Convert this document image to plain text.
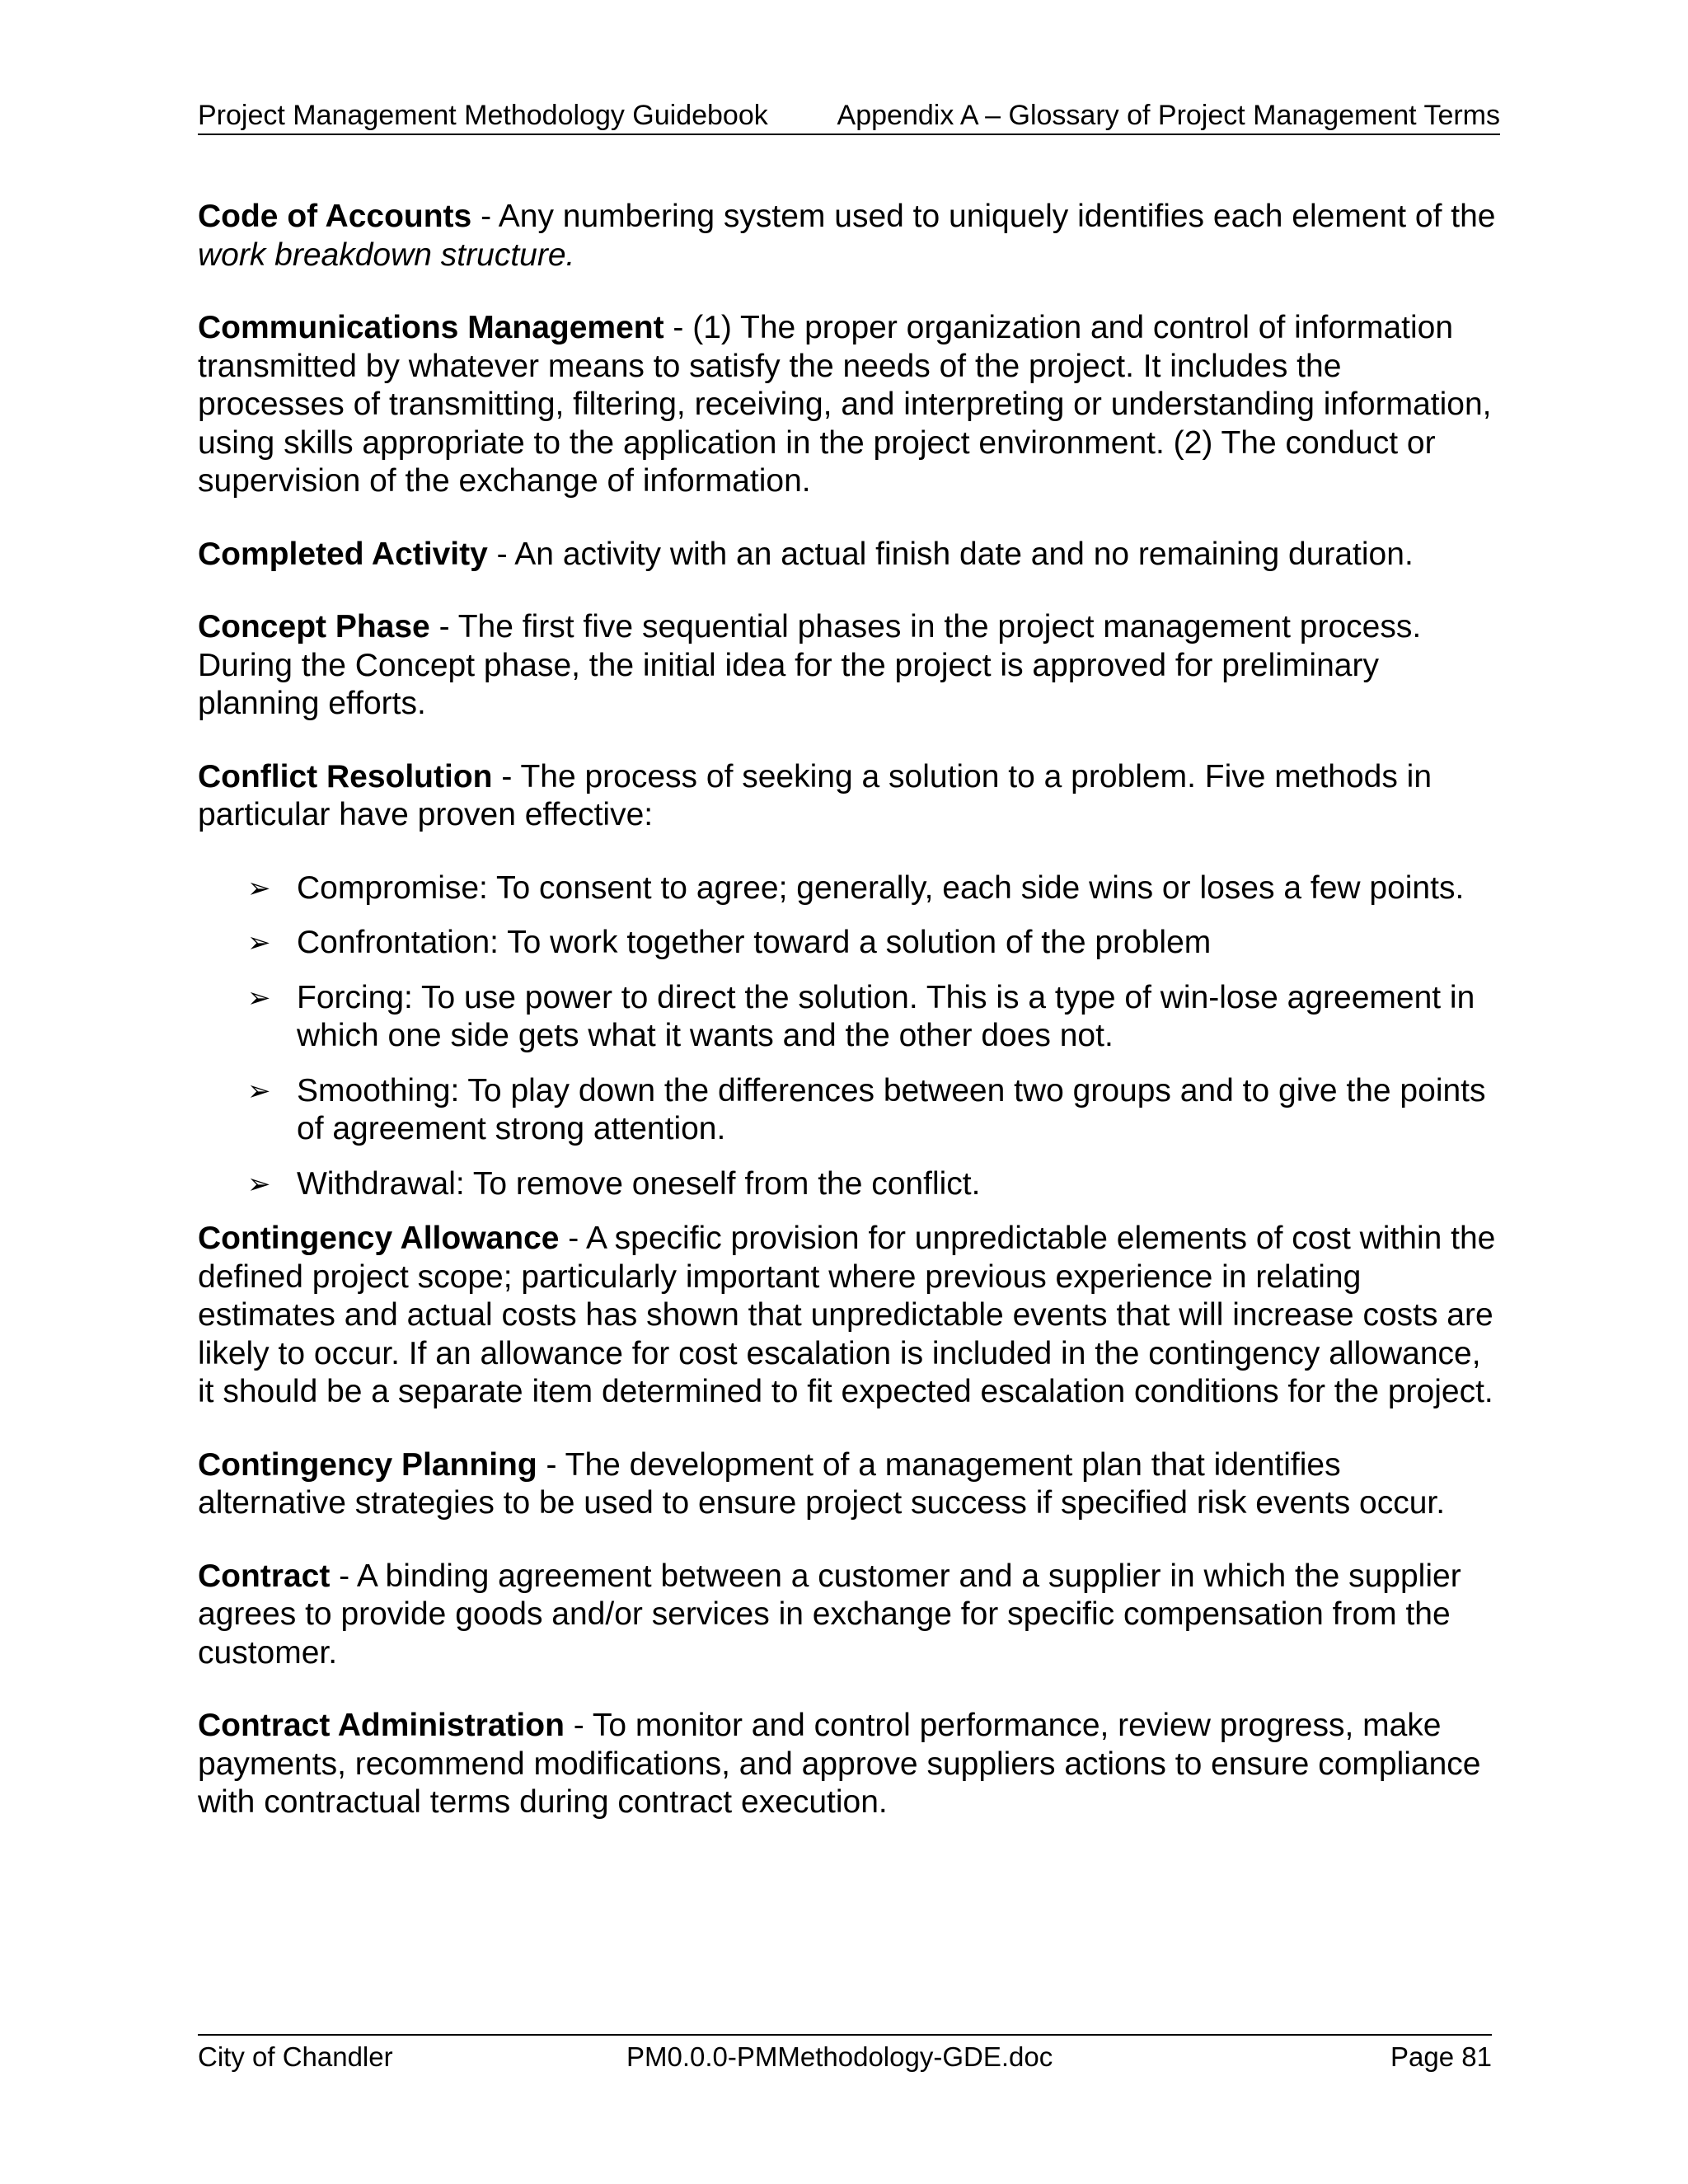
Project Management Methodology Guidebook Appendix A – Glossary of Project Management Terms

Code of Accounts - Any numbering system used to uniquely identifies each element of the work breakdown structure.

Communications Management - (1) The proper organization and control of information transmitted by whatever means to satisfy the needs of the project. It includes the processes of transmitting, filtering, receiving, and interpreting or understanding information, using skills appropriate to the application in the project environment. (2) The conduct or supervision of the exchange of information.

Completed Activity - An activity with an actual finish date and no remaining duration.

Concept Phase - The first five sequential phases in the project management process. During the Concept phase, the initial idea for the project is approved for preliminary planning efforts.

Conflict Resolution - The process of seeking a solution to a problem. Five methods in particular have proven effective:
➢ Compromise: To consent to agree; generally, each side wins or loses a few points.
➢ Confrontation: To work together toward a solution of the problem
➢ Forcing: To use power to direct the solution. This is a type of win-lose agreement in which one side gets what it wants and the other does not.
➢ Smoothing: To play down the differences between two groups and to give the points of agreement strong attention.
➢ Withdrawal: To remove oneself from the conflict.

Contingency Allowance - A specific provision for unpredictable elements of cost within the defined project scope; particularly important where previous experience in relating estimates and actual costs has shown that unpredictable events that will increase costs are likely to occur. If an allowance for cost escalation is included in the contingency allowance, it should be a separate item determined to fit expected escalation conditions for the project.

Contingency Planning - The development of a management plan that identifies alternative strategies to be used to ensure project success if specified risk events occur.

Contract - A binding agreement between a customer and a supplier in which the supplier agrees to provide goods and/or services in exchange for specific compensation from the customer.

Contract Administration - To monitor and control performance, review progress, make payments, recommend modifications, and approve suppliers actions to ensure compliance with contractual terms during contract execution.

City of Chandler	PM0.0.0-PMMethodology-GDE.doc	Page 81
